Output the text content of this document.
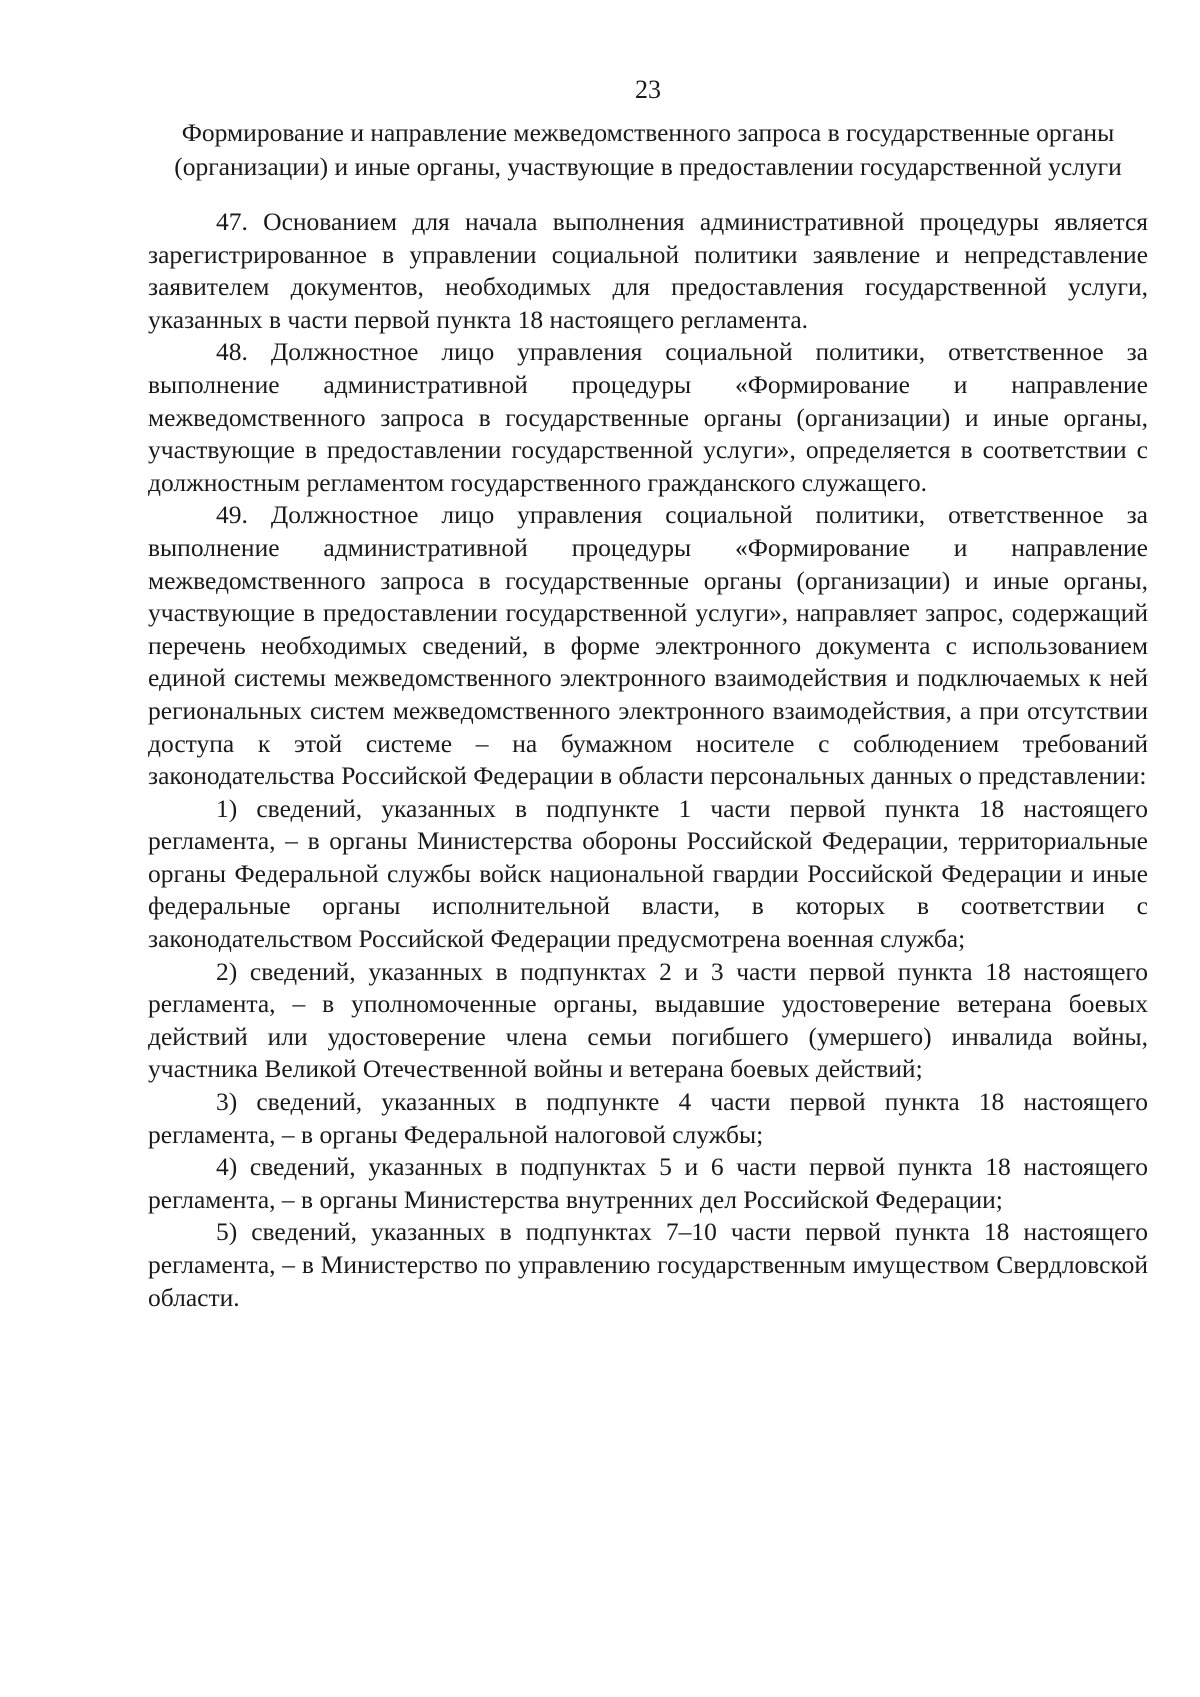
23
Формирование и направление межведомственного запроса в государственные органы (организации) и иные органы, участвующие в предоставлении государственной услуги

47. Основанием для начала выполнения административной процедуры является зарегистрированное в управлении социальной политики заявление и непредставление заявителем документов, необходимых для предоставления государственной услуги, указанных в части первой пункта 18 настоящего регламента.

48. Должностное лицо управления социальной политики, ответственное за выполнение административной процедуры «Формирование и направление межведомственного запроса в государственные органы (организации) и иные органы, участвующие в предоставлении государственной услуги», определяется в соответствии с должностным регламентом государственного гражданского служащего.

49. Должностное лицо управления социальной политики, ответственное за выполнение административной процедуры «Формирование и направление межведомственного запроса в государственные органы (организации) и иные органы, участвующие в предоставлении государственной услуги», направляет запрос, содержащий перечень необходимых сведений, в форме электронного документа с использованием единой системы межведомственного электронного взаимодействия и подключаемых к ней региональных систем межведомственного электронного взаимодействия, а при отсутствии доступа к этой системе – на бумажном носителе с соблюдением требований законодательства Российской Федерации в области персональных данных о представлении:

1) сведений, указанных в подпункте 1 части первой пункта 18 настоящего регламента, – в органы Министерства обороны Российской Федерации, территориальные органы Федеральной службы войск национальной гвардии Российской Федерации и иные федеральные органы исполнительной власти, в которых в соответствии с законодательством Российской Федерации предусмотрена военная служба;

2) сведений, указанных в подпунктах 2 и 3 части первой пункта 18 настоящего регламента, – в уполномоченные органы, выдавшие удостоверение ветерана боевых действий или удостоверение члена семьи погибшего (умершего) инвалида войны, участника Великой Отечественной войны и ветерана боевых действий;

3) сведений, указанных в подпункте 4 части первой пункта 18 настоящего регламента, – в органы Федеральной налоговой службы;

4) сведений, указанных в подпунктах 5 и 6 части первой пункта 18 настоящего регламента, – в органы Министерства внутренних дел Российской Федерации;

5) сведений, указанных в подпунктах 7–10 части первой пункта 18 настоящего регламента, – в Министерство по управлению государственным имуществом Свердловской области.
